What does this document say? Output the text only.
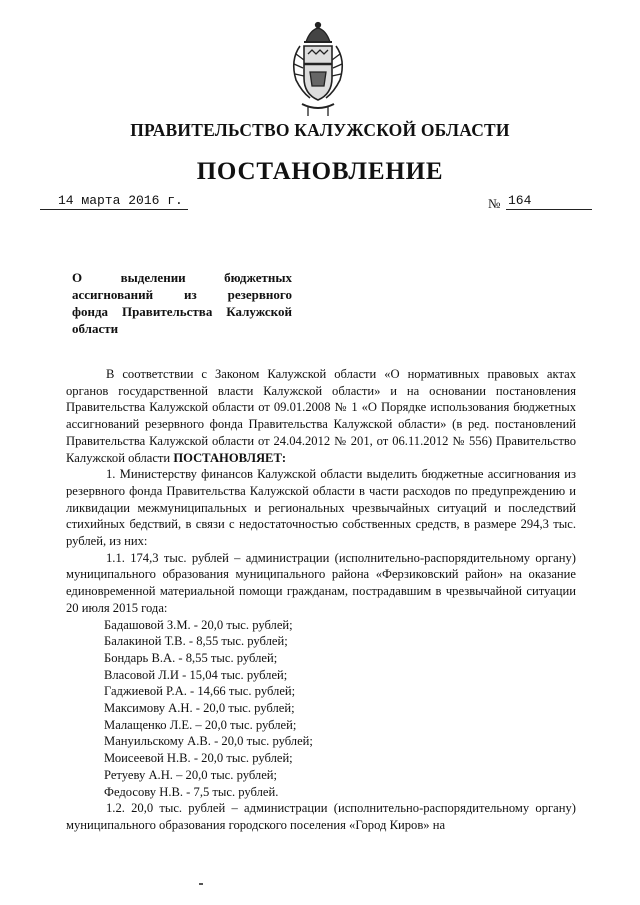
ПРАВИТЕЛЬСТВО КАЛУЖСКОЙ ОБЛАСТИ
ПОСТАНОВЛЕНИЕ
14 марта 2016 г.	№ 164
О выделении бюджетных
ассигнований из резервного
фонда Правительства Калужской
области

В соответствии с Законом Калужской области «О нормативных правовых актах органов государственной власти Калужской области» и на основании постановления Правительства Калужской области от 09.01.2008 № 1 «О Порядке использования бюджетных ассигнований резервного фонда Правительства Калужской области» (в ред. постановлений Правительства Калужской области от 24.04.2012 № 201, от 06.11.2012 № 556) Правительство Калужской области ПОСТАНОВЛЯЕТ:

1. Министерству финансов Калужской области выделить бюджетные ассигнования из резервного фонда Правительства Калужской области в части расходов по предупреждению и ликвидации межмуниципальных и региональных чрезвычайных ситуаций и последствий стихийных бедствий, в связи с недостаточностью собственных средств, в размере 294,3 тыс. рублей, из них:

1.1. 174,3 тыс. рублей – администрации (исполнительно-распорядительному органу) муниципального образования муниципального района «Ферзиковский район» на оказание единовременной материальной помощи гражданам, пострадавшим в чрезвычайной ситуации 20 июля 2015 года:

Бадашовой З.М. - 20,0 тыс. рублей;
Балакиной Т.В. - 8,55 тыс. рублей;
Бондарь В.А. - 8,55 тыс. рублей;
Власовой Л.И - 15,04 тыс. рублей;
Гаджиевой Р.А. - 14,66 тыс. рублей;
Максимову А.Н. - 20,0 тыс. рублей;
Малащенко Л.Е. – 20,0 тыс. рублей;
Мануильскому А.В. - 20,0 тыс. рублей;
Моисеевой Н.В. - 20,0 тыс. рублей;
Ретуеву А.Н. – 20,0 тыс. рублей;
Федосову Н.В. - 7,5 тыс. рублей.

1.2. 20,0 тыс. рублей – администрации (исполнительно-распорядительному органу) муниципального образования городского поселения «Город Киров» на
